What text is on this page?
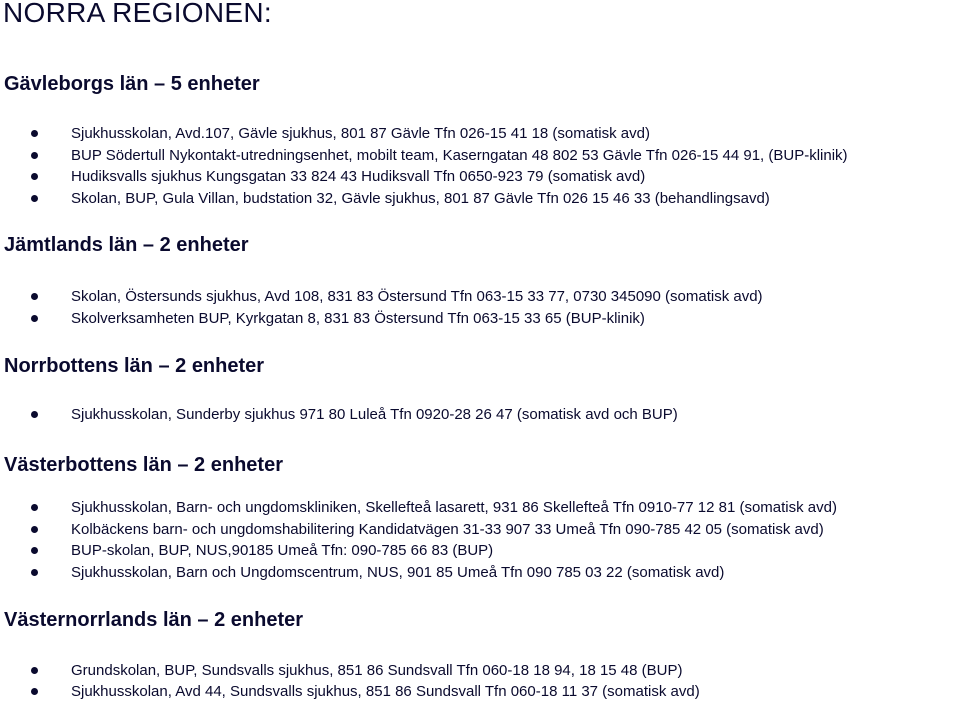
NORRA REGIONEN:
Gävleborgs län – 5 enheter
Sjukhusskolan, Avd.107, Gävle sjukhus, 801 87 Gävle Tfn 026-15 41 18 (somatisk avd)
BUP Södertull Nykontakt-utredningsenhet, mobilt team, Kaserngatan 48 802 53 Gävle Tfn 026-15 44 91, (BUP-klinik)
Hudiksvalls sjukhus Kungsgatan 33 824 43 Hudiksvall Tfn 0650-923 79 (somatisk avd)
Skolan, BUP, Gula Villan, budstation 32, Gävle sjukhus, 801 87 Gävle Tfn 026 15 46 33 (behandlingsavd)
Jämtlands län – 2 enheter
Skolan, Östersunds sjukhus, Avd 108, 831 83 Östersund Tfn 063-15 33 77, 0730 345090 (somatisk avd)
Skolverksamheten BUP, Kyrkgatan 8, 831 83 Östersund Tfn 063-15 33 65 (BUP-klinik)
Norrbottens län – 2 enheter
Sjukhusskolan, Sunderby sjukhus 971 80 Luleå Tfn 0920-28 26 47 (somatisk avd och BUP)
Västerbottens län – 2 enheter
Sjukhusskolan, Barn- och ungdomskliniken, Skellefteå lasarett, 931 86 Skellefteå Tfn 0910-77 12 81 (somatisk avd)
Kolbäckens barn- och ungdomshabilitering Kandidatvägen 31-33 907 33 Umeå Tfn 090-785 42 05 (somatisk avd)
BUP-skolan, BUP, NUS,90185 Umeå Tfn: 090-785 66 83 (BUP)
Sjukhusskolan, Barn och Ungdomscentrum, NUS, 901 85 Umeå Tfn 090 785 03 22 (somatisk avd)
Västernorrlands län – 2 enheter
Grundskolan, BUP, Sundsvalls sjukhus, 851 86 Sundsvall Tfn 060-18 18 94, 18 15 48 (BUP)
Sjukhusskolan, Avd 44, Sundsvalls sjukhus, 851 86 Sundsvall Tfn 060-18 11 37 (somatisk avd)
